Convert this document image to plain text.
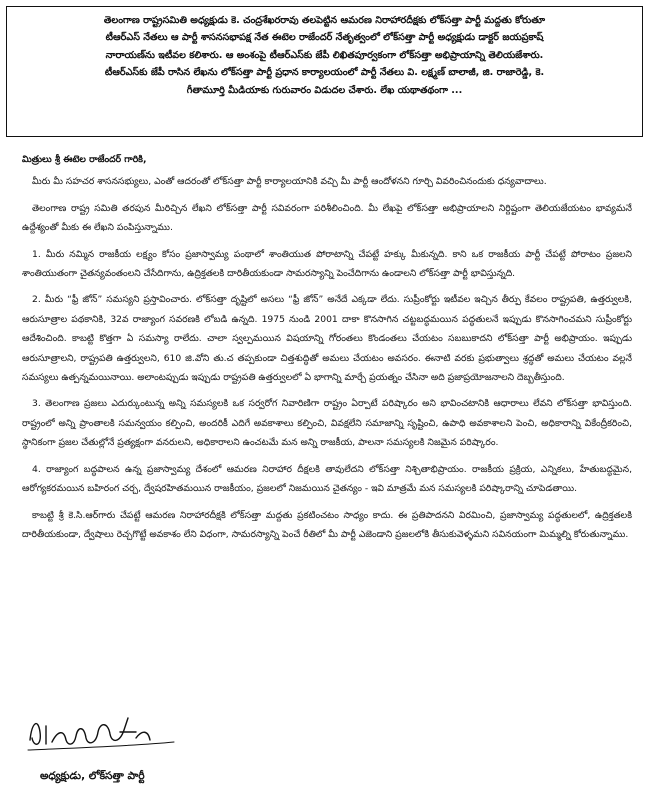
తెలంగాణ రాష్ట్రసమితి అధ్యక్షుడు కె. చంద్రశేఖరరావు తలపెట్టిన ఆమరణ నిరాహారదీక్షకు లోక్‌సత్తా పార్టీ మద్దతు కోరుతూ

టీఆర్ఎస్ నేతలు ఆ పార్టీ శాసనసభాపక్ష నేత ఈటెల రాజేందర్ నేతృత్వంలో లోక్‌సత్తా పార్టీ అధ్యక్షుడు డాక్టర్ జయప్రకాష్

నారాయణ్‌ను ఇటీవల కలిశారు. ఆ అంశంపై టీఆర్ఎస్‌కు జేపీ లిఖితపూర్వకంగా లోక్‌సత్తా అభిప్రాయాన్ని తెలియజేశారు.

టీఆర్ఎస్‌కు జేపీ రాసిన లేఖను లోక్‌సత్తా పార్టీ ప్రధాన కార్యాలయంలో పార్టీ నేతలు వి. లక్ష్మణ్ బాలాజీ, జి. రాజారెడ్డి, కె.

గీతామూర్తి మీడియాకు గురువారం విడుదల చేశారు. లేఖ యథాతథంగా ...

మిత్రులు శ్రీ ఈటెల రాజేందర్ గారికి,

మీరు మీ సహచర శాసనసభ్యులు, ఎంతో ఆదరంతో లోక్‌సత్తా పార్టీ కార్యాలయానికి వచ్చి మీ పార్టీ ఆందోళనని గూర్చి వివరించినందుకు ధన్యవాదాలు.

తెలంగాణ రాష్ట్ర సమితి తరపున మీరిచ్చిన లేఖని లోక్‌సత్తా పార్టీ సవివరంగా పరిశీలించింది. మీ లేఖపై లోక్‌సత్తా అభిప్రాయాలని నిర్దిష్టంగా తెలియజేయటం భావ్యమనే ఉద్దేశ్యంతో మీకు ఈ లేఖని పంపిస్తున్నాము.

1. మీరు నమ్మిన రాజకీయ లక్ష్యం కోసం ప్రజాస్వామ్య పంథాలో శాంతియుత పోరాటాన్ని చేపట్టే హక్కు మీకున్నది. కాని ఒక రాజకీయ పార్టీ చేపట్టే పోరాటం ప్రజలని శాంతియుతంగా చైతన్యవంతంలని చేసేదిగాను, ఉద్రిక్తతలకి దారితీయకుండా సామరస్యాన్ని పెంచేదిగాను ఉండాలని లోక్‌సత్తా పార్టీ భావిస్తున్నది.

2. మీరు “ఫ్రీ జోన్” సమస్యని ప్రస్తావించారు. లోక్‌సత్తా దృష్టిలో అసలు “ఫ్రీ జోన్” అనేదే ఎక్కడా లేదు. సుప్రీంకోర్టు ఇటీవల ఇచ్చిన తీర్పు కేవలం రాష్ట్రపతి, ఉత్తర్వులకి, ఆరుసూత్రాల పథకానికి, 32వ రాజ్యాంగ సవరణకి లోబడి ఉన్నది. 1975 నుండి 2001 దాకా కొనసాగిన చట్టబద్ధమయిన పద్ధతులనే ఇప్పుడు కొనసాగించమని సుప్రీంకోర్టు ఆదేశించింది. కాబట్టి కొత్తగా ఏ సమస్యా రాలేదు. చాలా స్వల్పమయిన విషయాన్ని గోరంతలు కొండంతలు చేయటం సబబుకాదని లోక్‌సత్తా పార్టీ అభిప్రాయం. ఇప్పుడు ఆరుసూత్రాలని, రాష్ట్రపతి ఉత్తర్వులని, 610 జి.వోని తు.చ తప్పకుండా చిత్తశుద్ధితో అమలు చేయటం అవసరం. ఈనాటి వరకు ప్రభుత్వాలు శ్రద్ధతో అమలు చేయటం వల్లనే సమస్యలు ఉత్పన్నమయినాయి. అలాంటప్పుడు ఇప్పుడు రాష్ట్రపతి ఉత్తర్వులలో ఏ భాగాన్ని మార్చే ప్రయత్నం చేసినా అది ప్రజాప్రయోజనాలని దెబ్బతీస్తుంది.

3. తెలంగాణ ప్రజలు ఎదుర్కుంటున్న అన్ని సమస్యలకి ఒక సర్వరోగ నివారిణిగా రాష్ట్రం ఏర్పాటే పరిష్కారం అని భావించటానికి ఆధారాలు లేవని లోక్‌సత్తా భావిస్తుంది. రాష్ట్రంలో అన్ని ప్రాంతాలకి సమన్వయం కల్పించి, అందరికీ ఎదిగే అవకాశాలు కల్పించి, వివక్షలేని సమాజాన్ని సృష్టించి, ఉపాధి అవకాశాలని పెంచి, అధికారాన్ని వికేంద్రీకరించి, స్థానికంగా ప్రజల చేతుల్లోనే ప్రత్యక్షంగా వనరులని, అధికారాలని ఉంచటమే మన అన్ని రాజకీయ, పాలనా సమస్యలకి నిజమైన పరిష్కారం.

4. రాజ్యాంగ బద్ధపాలన ఉన్న ప్రజాస్వామ్య దేశంలో ఆమరణ నిరాహార దీక్షలకి తావులేదని లోక్‌సత్తా నిశ్చితాభిప్రాయం. రాజకీయ ప్రక్రియ, ఎన్నికలు, హేతుబద్ధమైన, ఆరోగ్యకరమయిన బహిరంగ చర్చ, ద్వేషరహితమయిన రాజకీయం, ప్రజలలో నిజమయిన చైతన్యం - ఇవి మాత్రమే మన సమస్యలకి పరిష్కారాన్ని చూపెడతాయి.

కాబట్టి శ్రీ కె.సి.ఆర్‌గారు చేపట్టే ఆమరణ నిరాహారదీక్షకి లోక్‌సత్తా మద్దతు ప్రకటించటం సాధ్యం కాదు. ఈ ప్రతిపాదనని విరమించి, ప్రజాస్వామ్య పద్ధతులలో, ఉద్రిక్తతలకి దారితీయకుండా, ద్వేషాలు రెచ్చగొట్టే అవకాశం లేని విధంగా, సామరస్యాన్ని పెంచే రీతిలో మీ పార్టీ ఎజెండాని ప్రజలలోకి తీసుకువెళ్ళమని సవినయంగా మిమ్మల్ని కోరుతున్నాము.

అధ్యక్షుడు, లోక్‌సత్తా పార్టీ
